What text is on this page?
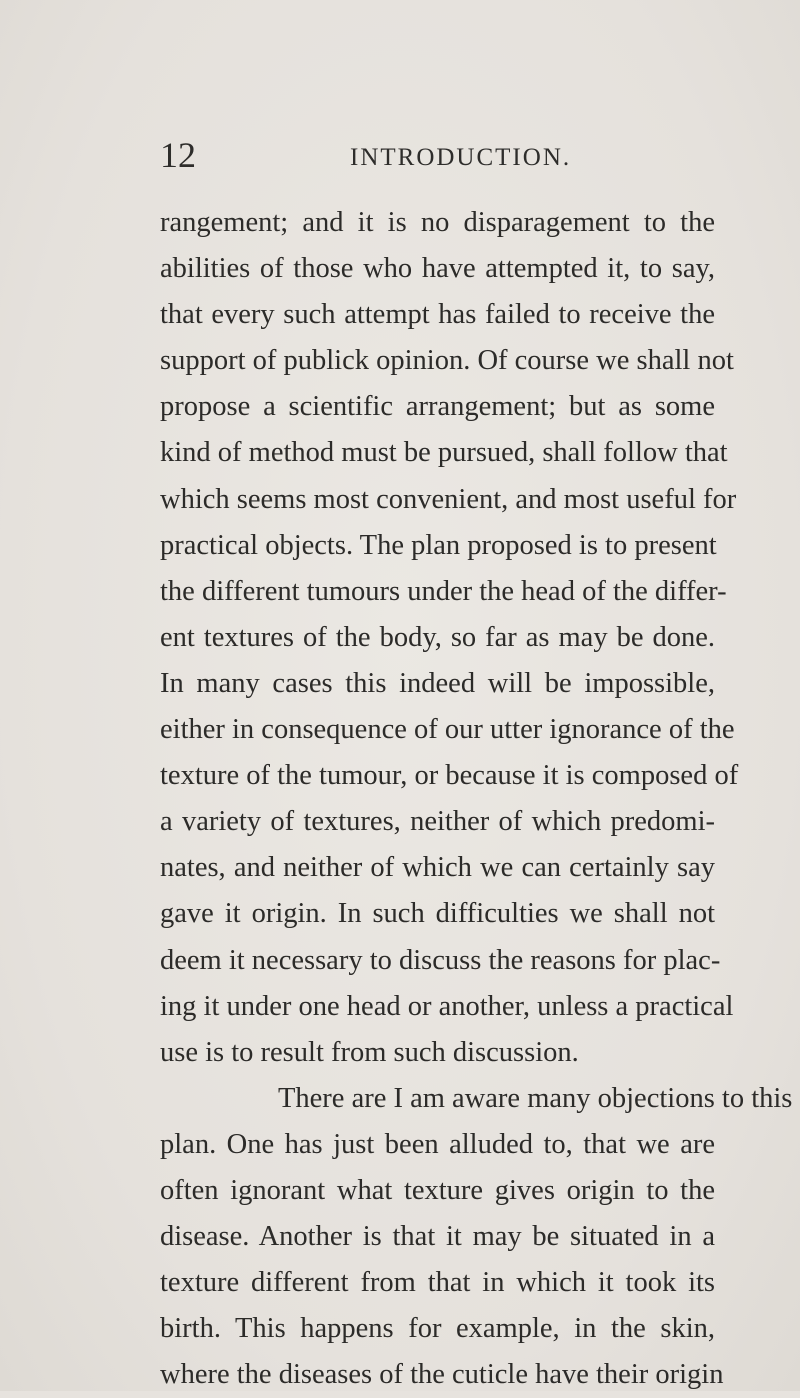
12	INTRODUCTION.
rangement; and it is no disparagement to the
abilities of those who have attempted it, to say,
that every such attempt has failed to receive the
support of publick opinion. Of course we shall not
propose a scientific arrangement; but as some
kind of method must be pursued, shall follow that
which seems most convenient, and most useful for
practical objects. The plan proposed is to present
the different tumours under the head of the differ-
ent textures of the body, so far as may be done.
In many cases this indeed will be impossible,
either in consequence of our utter ignorance of the
texture of the tumour, or because it is composed of
a variety of textures, neither of which predomi-
nates, and neither of which we can certainly say
gave it origin. In such difficulties we shall not
deem it necessary to discuss the reasons for plac-
ing it under one head or another, unless a practical
use is to result from such discussion.
There are I am aware many objections to this
plan. One has just been alluded to, that we are
often ignorant what texture gives origin to the
disease. Another is that it may be situated in a
texture different from that in which it took its
birth. This happens for example, in the skin,
where the diseases of the cuticle have their origin
